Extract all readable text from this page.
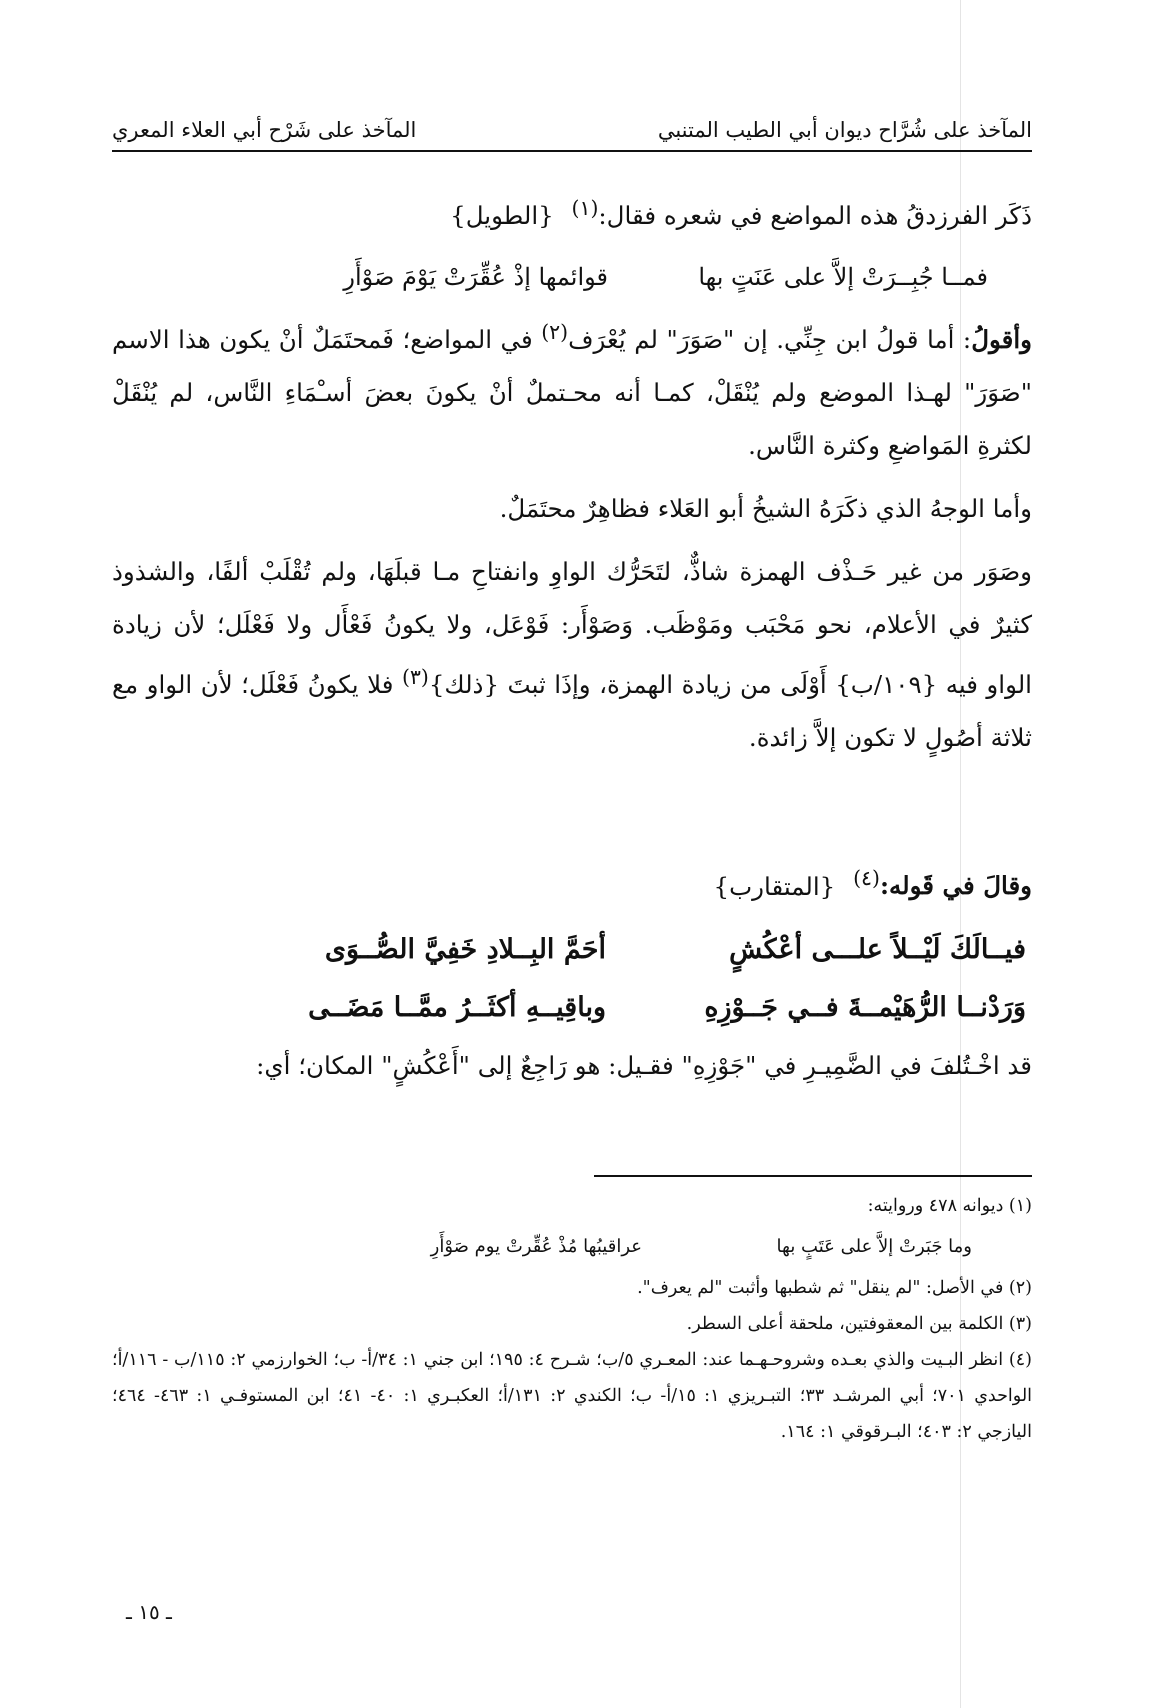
المآخذ على شُرَّاح ديوان أبي الطيب المتنبي
المآخذ على شَرْح أبي العلاء المعري

ذَكَر الفرزدقُ هذه المواضع في شعره فقال:$^{(١)}$ {الطويل}

فمــا جُبِــرَتْ إلاَّ على عَنَتٍ بها
قوائمها إذْ عُقِّرَتْ يَوْمَ صَوْأَرِ

وأقولُ: أما قولُ ابن جِنِّي. إن "صَوَرَ" لم يُعْرَف$^{(٢)}$ في المواضع؛ فَمحتَمَلٌ أنْ يكون هذا الاسم "صَوَرَ" لهـذا الموضع ولم يُنْقَلْ، كمـا أنه محـتملٌ أنْ يكونَ بعضَ أسـْمَاءِ النَّاس، لم يُنْقَلْ لكثرةِ المَواضعِ وكثرة النَّاس.

وأما الوجهُ الذي ذكَرَهُ الشيخُ أبو العَلاء فظاهِرٌ محتَمَلٌ.

وصَوَر من غير حَـذْف الهمزة شاذٌّ، لتَحَرُّك الواوِ وانفتاحِ مـا قبلَهَا، ولم تُقْلَبْ ألفًا، والشذوذ كثيرٌ في الأعلام، نحو مَحْبَب ومَوْظَب. وَصَوْأَر: فَوْعَل، ولا يكونُ فَعْأَل ولا فَعْلَل؛ لأن زيادة الواو فيه {١٠٩/ب} أَوْلَى من زيادة الهمزة، وإذَا ثبتَ {ذلك}$^{(٣)}$ فلا يكونُ فَعْلَل؛ لأن الواو مع ثلاثة أصُولٍ لا تكون إلاَّ زائدة.

وقالَ في قَوله:$^{(٤)}$ {المتقارب}

فيــالَكَ لَيْــلاً علـــى أعْكُشٍ
أحَمَّ البِــلادِ خَفِيَّ الصُّــوَى
وَرَدْنــا الرُّهَيْمــةَ فــي جَــوْزِهِ
وباقِيــهِ أكثَــرُ ممَّــا مَضَــى

قد اخْـتُلفَ في الضَّمِيـرِ في "جَوْزِهِ" فقـيل: هو رَاجِعٌ إلى "أَعْكُشٍ" المكان؛ أي:

(١) ديوانه ٤٧٨ وروايته:

وما جَبَرتْ إلاَّ على عَتَبٍ بها
عراقيبُها مُذْ عُقِّرتْ يوم صَوْأَرِ

(٢) في الأصل: "لم ينقل" ثم شطبها وأثبت "لم يعرف".

(٣) الكلمة بين المعقوفتين، ملحقة أعلى السطر.

(٤) انظر البـيت والذي بعـده وشروحـهـما عند: المعـري ٥/ب؛ شـرح ٤: ١٩٥؛ ابن جني ١: ٣٤/أ- ب؛ الخوارزمي ٢: ١١٥/ب - ١١٦/أ؛ الواحدي ٧٠١؛ أبي المرشـد ٣٣؛ التبـريزي ١: ١٥/أ- ب؛ الكندي ٢: ١٣١/أ؛ العكبـري ١: ٤٠- ٤١؛ ابن المستوفـي ١: ٤٦٣- ٤٦٤؛ اليازجي ٢: ٤٠٣؛ البـرقوقي ١: ١٦٤.

ـ ١٥ ـ
